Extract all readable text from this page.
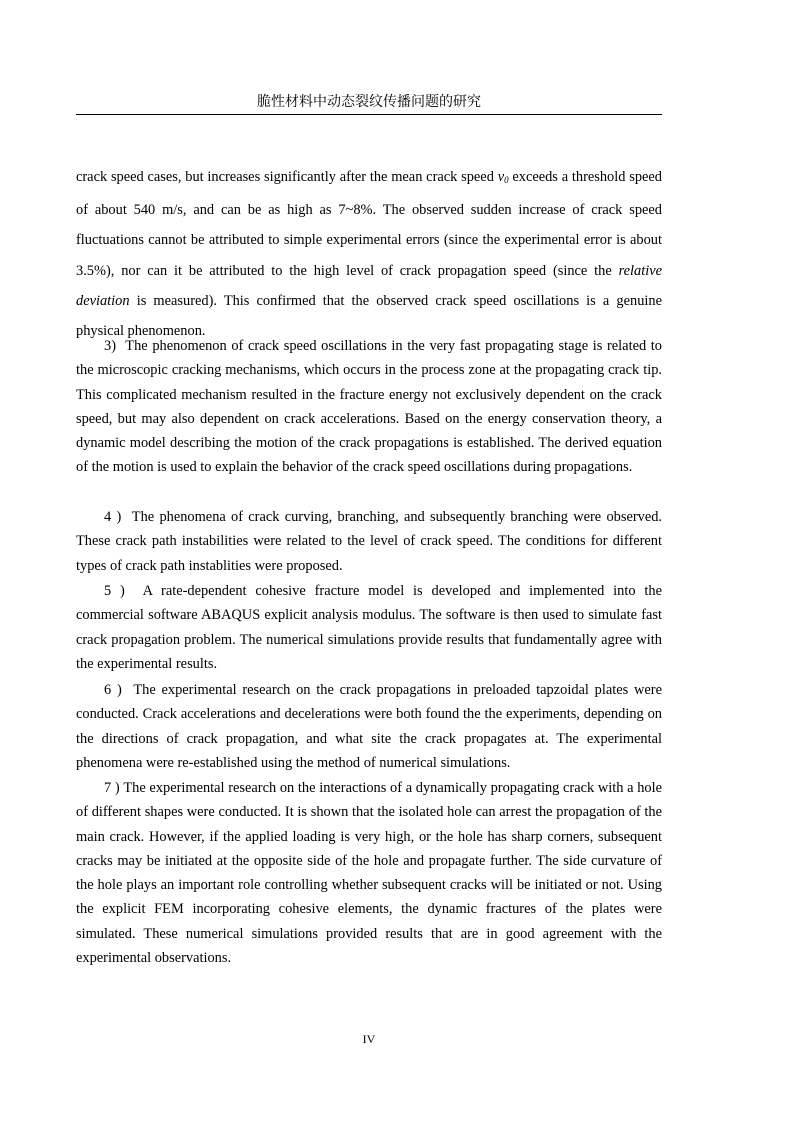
脆性材料中动态裂纹传播问题的研究

crack speed cases, but increases significantly after the mean crack speed $v_0$ exceeds a threshold speed of about 540 m/s, and can be as high as 7~8%. The observed sudden increase of crack speed fluctuations cannot be attributed to simple experimental errors (since the experimental error is about 3.5%), nor can it be attributed to the high level of crack propagation speed (since the relative deviation is measured). This confirmed that the observed crack speed oscillations is a genuine physical phenomenon.

3)  The phenomenon of crack speed oscillations in the very fast propagating stage is related to the microscopic cracking mechanisms, which occurs in the process zone at the propagating crack tip. This complicated mechanism resulted in the fracture energy not exclusively dependent on the crack speed, but may also dependent on crack accelerations. Based on the energy conservation theory, a dynamic model describing the motion of the crack propagations is established. The derived equation of the motion is used to explain the behavior of the crack speed oscillations during propagations.

4 )  The phenomena of crack curving, branching, and subsequently branching were observed. These crack path instabilities were related to the level of crack speed. The conditions for different types of crack path instablities were proposed.

5 )  A rate-dependent cohesive fracture model is developed and implemented into the commercial software ABAQUS explicit analysis modulus. The software is then used to simulate fast crack propagation problem. The numerical simulations provide results that fundamentally agree with the experimental results.

6 )  The experimental research on the crack propagations in preloaded tapzoidal plates were conducted. Crack accelerations and decelerations were both found the the experiments, depending on the directions of crack propagation, and what site the crack propagates at. The experimental phenomena were re-established using the method of numerical simulations.

7 ) The experimental research on the interactions of a dynamically propagating crack with a hole of different shapes were conducted. It is shown that the isolated hole can arrest the propagation of the main crack. However, if the applied loading is very high, or the hole has sharp corners, subsequent cracks may be initiated at the opposite side of the hole and propagate further. The side curvature of the hole plays an important role controlling whether subsequent cracks will be initiated or not. Using the explicit FEM incorporating cohesive elements, the dynamic fractures of the plates were simulated. These numerical simulations provided results that are in good agreement with the experimental observations.

IV
